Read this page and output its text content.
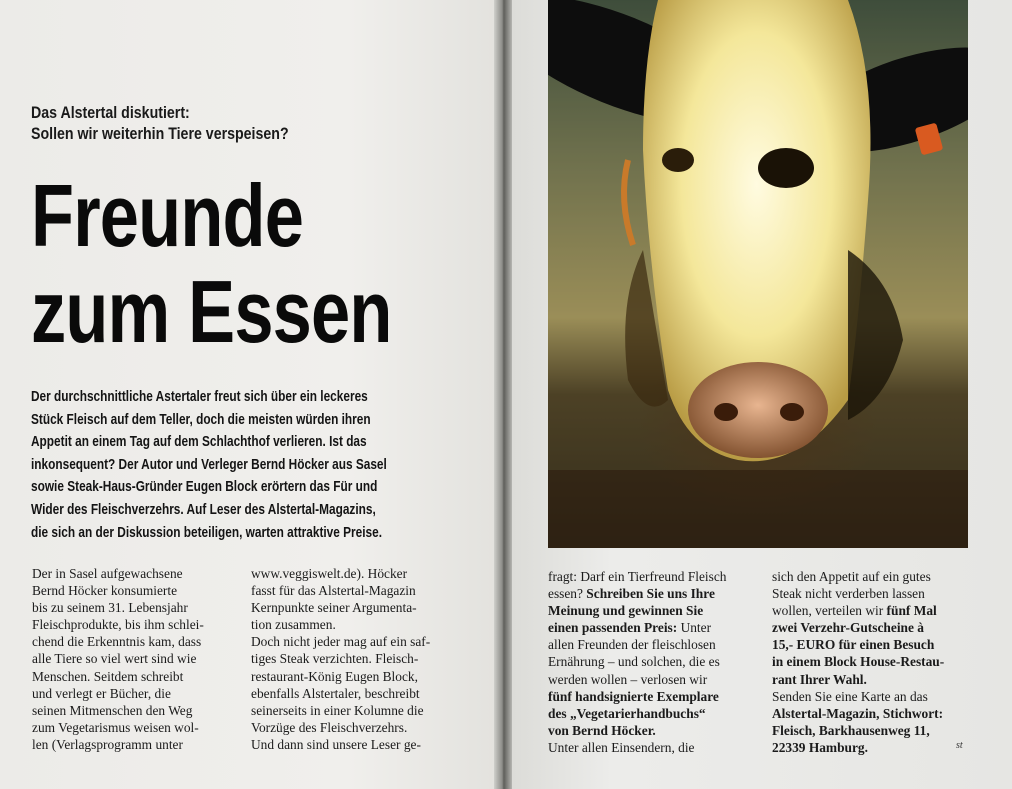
Das Alstertal diskutiert:
Sollen wir weiterhin Tiere verspeisen?
Freunde
zum Essen
Der durchschnittliche Astertaler freut sich über ein leckeres
Stück Fleisch auf dem Teller, doch die meisten würden ihren
Appetit an einem Tag auf dem Schlachthof verlieren. Ist das
inkonsequent? Der Autor und Verleger Bernd Höcker aus Sasel
sowie Steak-Haus-Gründer Eugen Block erörtern das Für und
Wider des Fleischverzehrs. Auf Leser des Alstertal-Magazins,
die sich an der Diskussion beteiligen, warten attraktive Preise.
Der in Sasel aufgewachsene
Bernd Höcker konsumierte
bis zu seinem 31. Lebensjahr
Fleischprodukte, bis ihm schlei-
chend die Erkenntnis kam, dass
alle Tiere so viel wert sind wie
Menschen. Seitdem schreibt
und verlegt er Bücher, die
seinen Mitmenschen den Weg
zum Vegetarismus weisen wol-
len (Verlagsprogramm unter
www.veggiswelt.de). Höcker
fasst für das Alstertal-Magazin
Kernpunkte seiner Argumenta-
tion zusammen.
Doch nicht jeder mag auf ein saf-
tiges Steak verzichten. Fleisch-
restaurant-König Eugen Block,
ebenfalls Alstertaler, beschreibt
seinerseits in einer Kolumne die
Vorzüge des Fleischverzehrs.
Und dann sind unsere Leser ge-
fragt: Darf ein Tierfreund Fleisch
essen? Schreiben Sie uns Ihre
Meinung und gewinnen Sie
einen passenden Preis: Unter
allen Freunden der fleischlosen
Ernährung – und solchen, die es
werden wollen – verlosen wir
fünf handsignierte Exemplare
des „Vegetarierhandbuchs“
von Bernd Höcker.
Unter allen Einsendern, die
sich den Appetit auf ein gutes
Steak nicht verderben lassen
wollen, verteilen wir fünf Mal
zwei Verzehr-Gutscheine à
15,- EURO für einen Besuch
in einem Block House-Restau-
rant Ihrer Wahl.
Senden Sie eine Karte an das
Alstertal-Magazin, Stichwort:
Fleisch, Barkhausenweg 11,
22339 Hamburg.	st
